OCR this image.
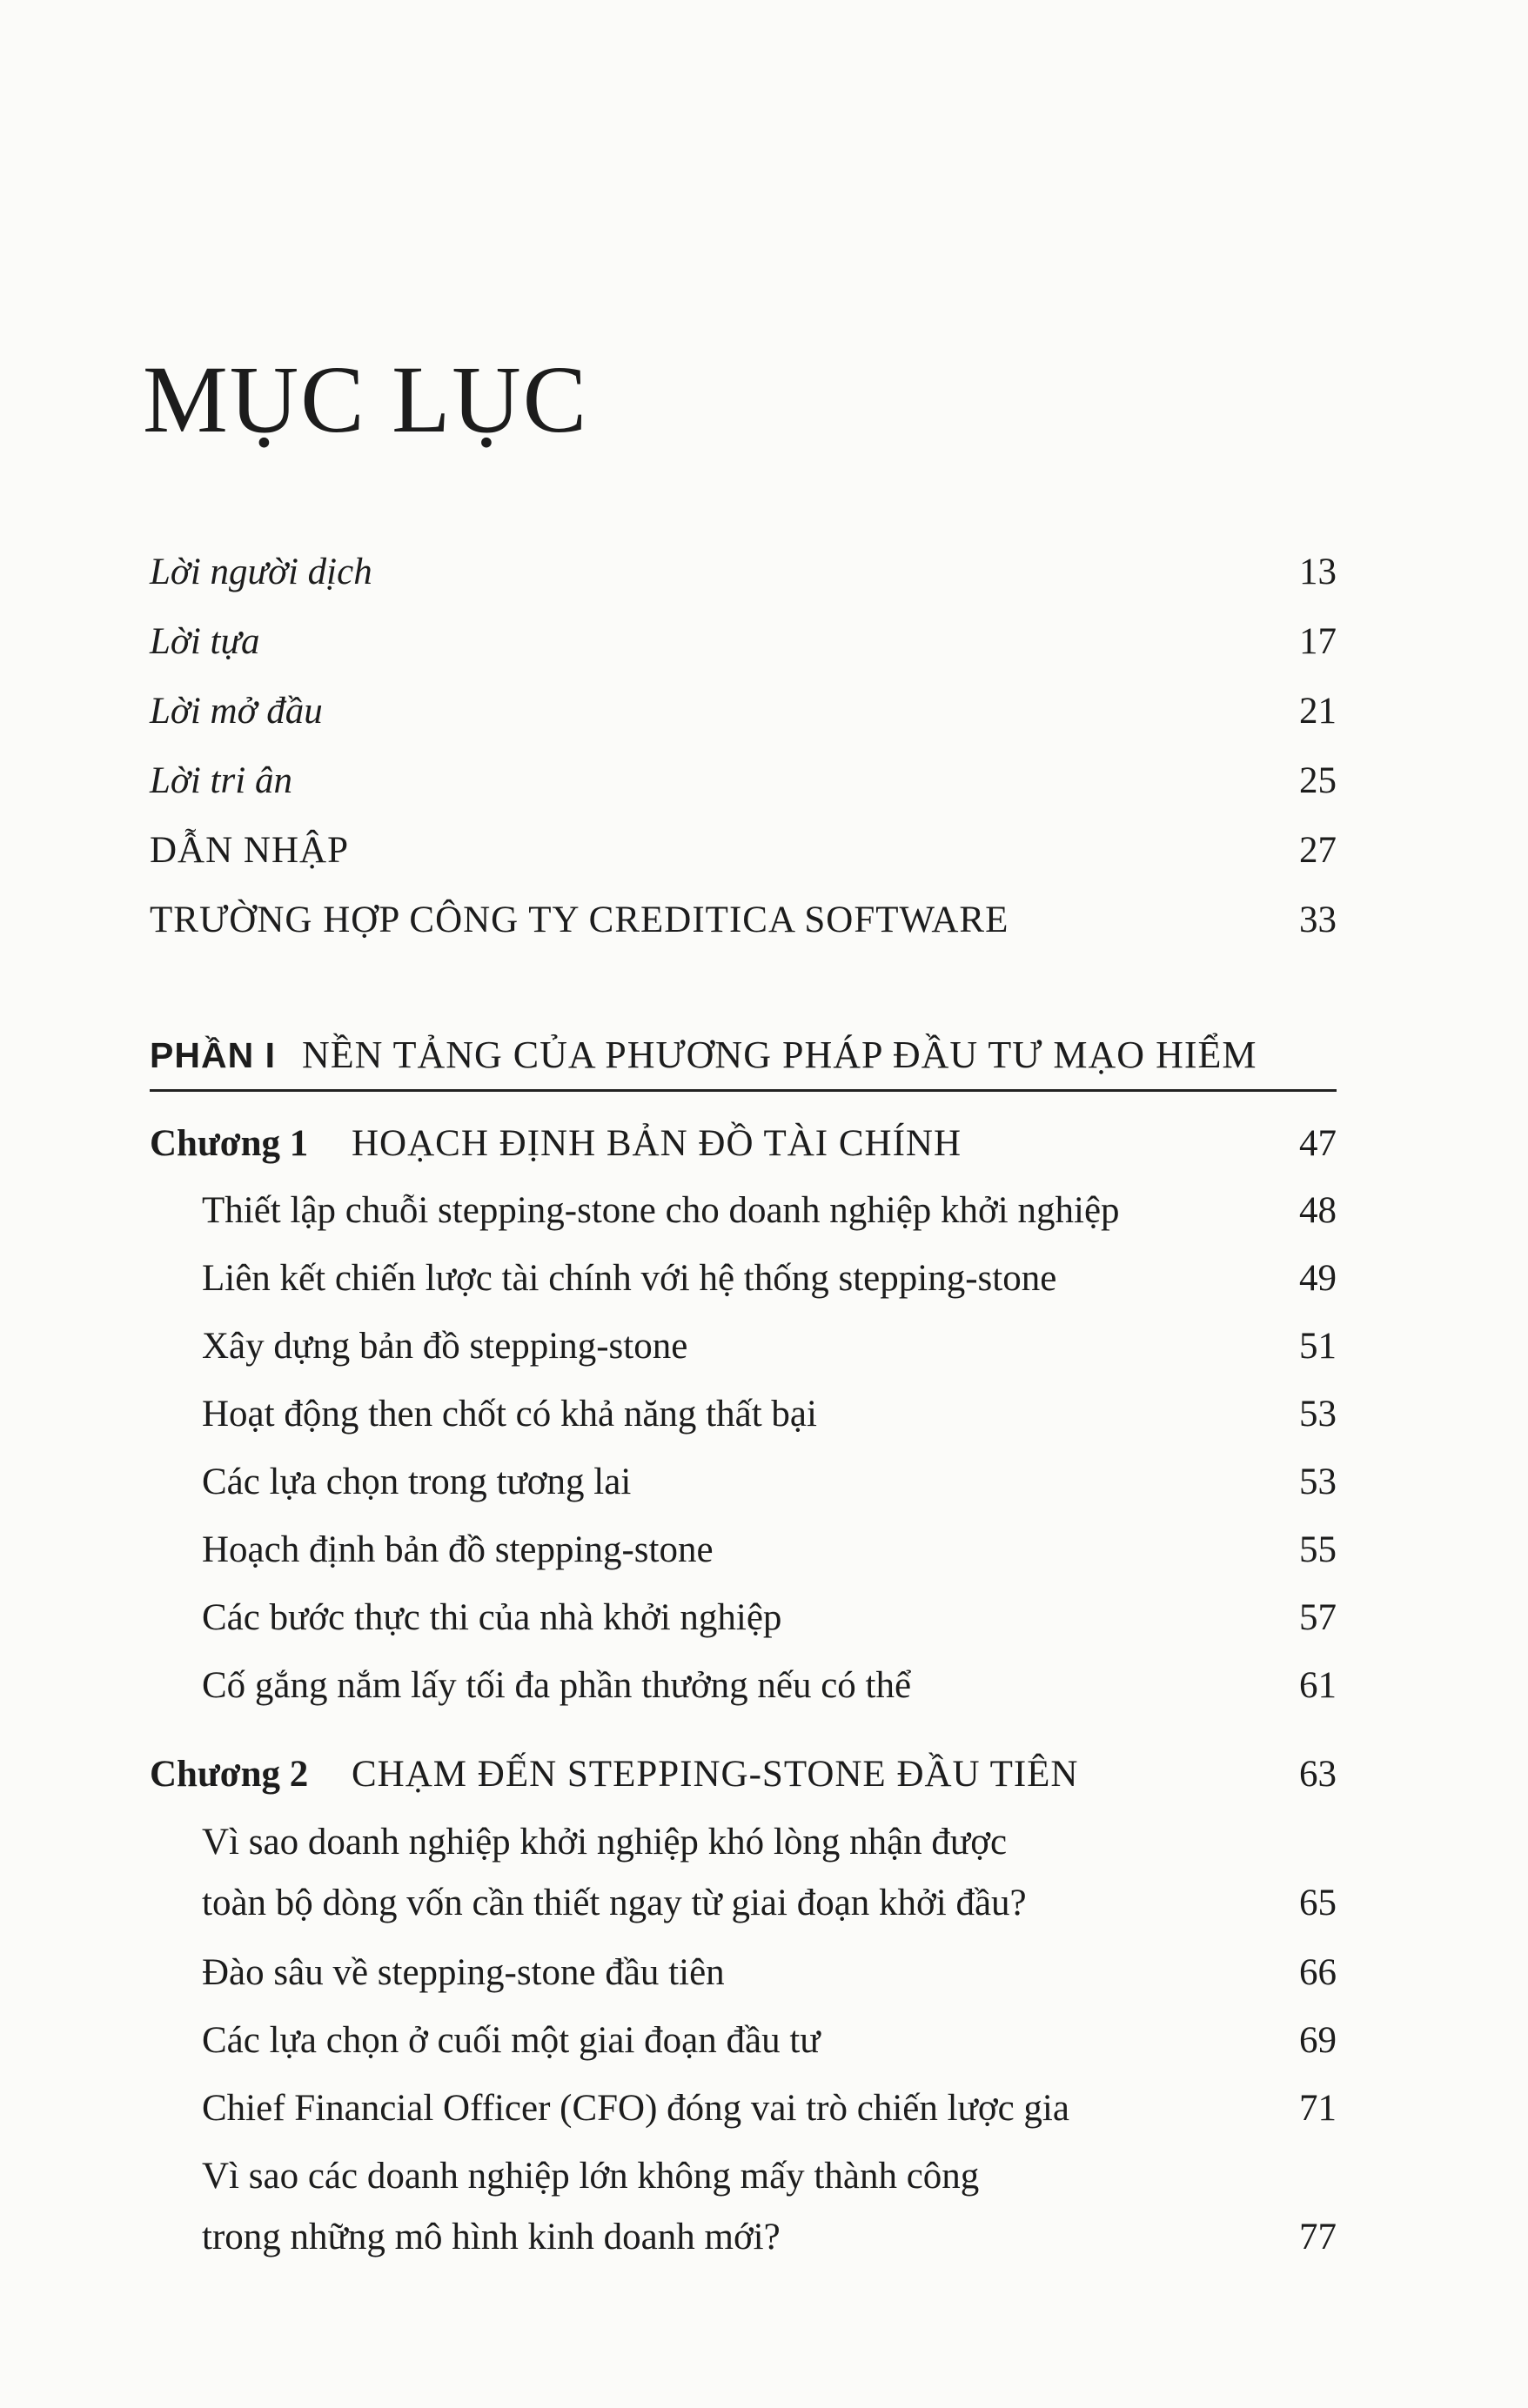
MỤC LỤC
Lời người dịch	13
Lời tựa	17
Lời mở đầu	21
Lời tri ân	25
DẪN NHẬP	27
TRƯỜNG HỢP CÔNG TY CREDITICA SOFTWARE	33
PHẦN I NỀN TẢNG CỦA PHƯƠNG PHÁP ĐẦU TƯ MẠO HIỂM
Chương 1 HOẠCH ĐỊNH BẢN ĐỒ TÀI CHÍNH	47
Thiết lập chuỗi stepping-stone cho doanh nghiệp khởi nghiệp	48
Liên kết chiến lược tài chính với hệ thống stepping-stone	49
Xây dựng bản đồ stepping-stone	51
Hoạt động then chốt có khả năng thất bại	53
Các lựa chọn trong tương lai	53
Hoạch định bản đồ stepping-stone	55
Các bước thực thi của nhà khởi nghiệp	57
Cố gắng nắm lấy tối đa phần thưởng nếu có thể	61
Chương 2 CHẠM ĐẾN STEPPING-STONE ĐẦU TIÊN	63
Vì sao doanh nghiệp khởi nghiệp khó lòng nhận được
toàn bộ dòng vốn cần thiết ngay từ giai đoạn khởi đầu?	65
Đào sâu về stepping-stone đầu tiên	66
Các lựa chọn ở cuối một giai đoạn đầu tư	69
Chief Financial Officer (CFO) đóng vai trò chiến lược gia	71
Vì sao các doanh nghiệp lớn không mấy thành công
trong những mô hình kinh doanh mới?	77
